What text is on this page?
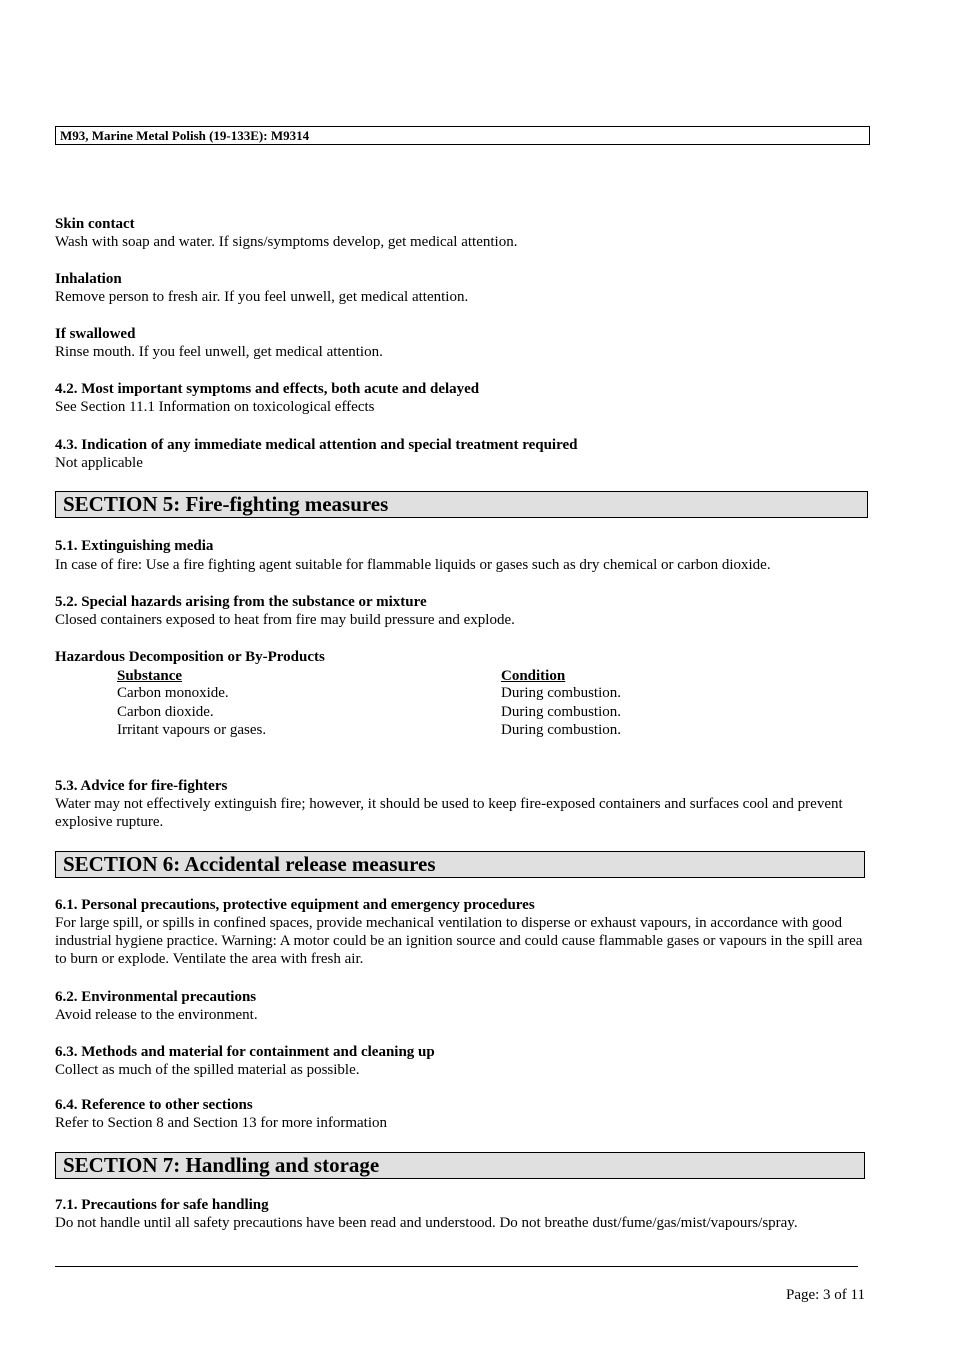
M93, Marine Metal Polish (19-133E): M9314
Skin contact
Wash with soap and water. If signs/symptoms develop, get medical attention.
Inhalation
Remove person to fresh air. If you feel unwell, get medical attention.
If swallowed
Rinse mouth. If you feel unwell, get medical attention.
4.2. Most important symptoms and effects, both acute and delayed
See Section 11.1 Information on toxicological effects
4.3. Indication of any immediate medical attention and special treatment required
Not applicable
SECTION 5: Fire-fighting measures
5.1. Extinguishing media
In case of fire: Use a fire fighting agent suitable for flammable liquids or gases such as dry chemical or carbon dioxide.
5.2. Special hazards arising from the substance or mixture
Closed containers exposed to heat from fire may build pressure and explode.
Hazardous Decomposition or By-Products
Substance	Condition
Carbon monoxide.	During combustion.
Carbon dioxide.	During combustion.
Irritant vapours or gases.	During combustion.
5.3. Advice for fire-fighters
Water may not effectively extinguish fire; however, it should be used to keep fire-exposed containers and surfaces cool and prevent explosive rupture.
SECTION 6: Accidental release measures
6.1. Personal precautions, protective equipment and emergency procedures
For large spill, or spills in confined spaces, provide mechanical ventilation to disperse or exhaust vapours, in accordance with good industrial hygiene practice. Warning: A motor could be an ignition source and could cause flammable gases or vapours in the spill area to burn or explode. Ventilate the area with fresh air.
6.2. Environmental precautions
Avoid release to the environment.
6.3. Methods and material for containment and cleaning up
Collect as much of the spilled material as possible.
6.4. Reference to other sections
Refer to Section 8 and Section 13 for more information
SECTION 7: Handling and storage
7.1. Precautions for safe handling
Do not handle until all safety precautions have been read and understood. Do not breathe dust/fume/gas/mist/vapours/spray.
Page: 3 of 11
